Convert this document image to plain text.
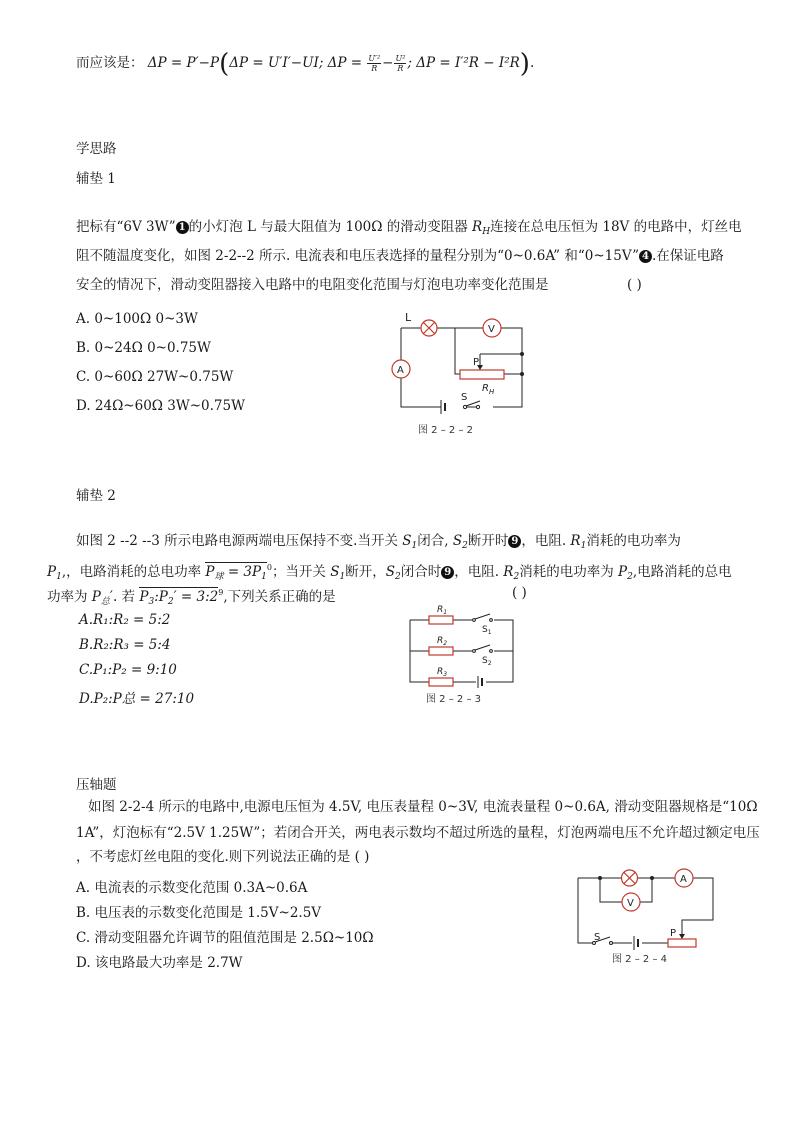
而应该是： ΔP = P′−P(ΔP = U′I′−UI; $\Delta P = \frac{\text{U′²}}{R} - \frac{\text{U²}}{R}$ ; ΔP = I′²R − I²R).
学思路
辅垫 1
把标有“6V 3W” 1 的小灯泡 L 与最大阻值为 100Ω 的滑动变阻器 $R_H$连接在总电压恒为 18V 的电路中，灯丝电
阻不随温度变化，如图 2-2--2 所示. 电流表和电压表选择的量程分别为“0~0.6A” 和“0~15V” 4 .在保证电路
安全的情况下，滑动变阻器接入电路中的电阻变化范围与灯泡电功率变化范围是	( )
A. 0~100Ω 0~3W
B. 0~24Ω 0~0.75W
C. 0~60Ω 27W~0.75W
D. 24Ω~60Ω 3W~0.75W
L
V
A
P
$R_H$
S
图 2 – 2 – 2
辅垫 2
如图 2 --2 --3 所示电路电源两端电压保持不变.当开关 $S_1$闭合, $S_2$断开时 9 ，电阻. $R_1$消耗的电功率为
$P_1$,，电路消耗的总电功率 $P_球 = 3P_1^0$；当开关 $S_1$断开，$S_2$闭合时 9 ，电阻. $R_2$消耗的电功率为 $P_2$,电路消耗的总电
功率为 $P_总'$. 若 $P_3:P_2'$ = $3:2^9$,下列关系正确的是	( )
A.R₁:R₂ = 5:2
B.R₂:R₃ = 5:4
C.P₁:P₂ = 9:10
D.P₂:P总 = 27:10
$R_1$
$S_1$
$R_2$
$S_2$
$R_3$
图 2 – 2 – 3
压轴题
如图 2-2-4 所示的电路中,电源电压恒为 4.5V, 电压表量程 0~3V, 电流表量程 0~0.6A, 滑动变阻器规格是“10Ω
1A”，灯泡标有“2.5V 1.25W”；若闭合开关，两电表示数均不超过所选的量程，灯泡两端电压不允许超过额定电压
，不考虑灯丝电阻的变化.则下列说法正确的是 ( )
A. 电流表的示数变化范围 0.3A~0.6A
B. 电压表的示数变化范围是 1.5V~2.5V
C. 滑动变阻器允许调节的阻值范围是 2.5Ω~10Ω
D. 该电路最大功率是 2.7W
A
V
S	P
图 2 – 2 – 4
